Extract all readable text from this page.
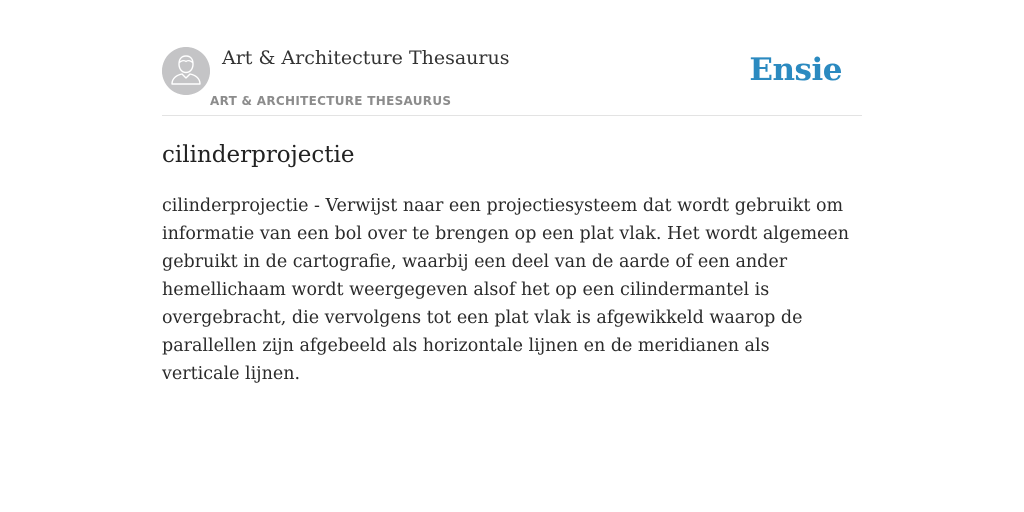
Art & Architecture Thesaurus
ART & ARCHITECTURE THESAURUS
Ensie
cilinderprojectie

cilinderprojectie - Verwijst naar een projectiesysteem dat wordt gebruikt om informatie van een bol over te brengen op een plat vlak. Het wordt algemeen gebruikt in de cartografie, waarbij een deel van de aarde of een ander hemellichaam wordt weergegeven alsof het op een cilindermantel is overgebracht, die vervolgens tot een plat vlak is afgewikkeld waarop de parallellen zijn afgebeeld als horizontale lijnen en de meridianen als verticale lijnen.
